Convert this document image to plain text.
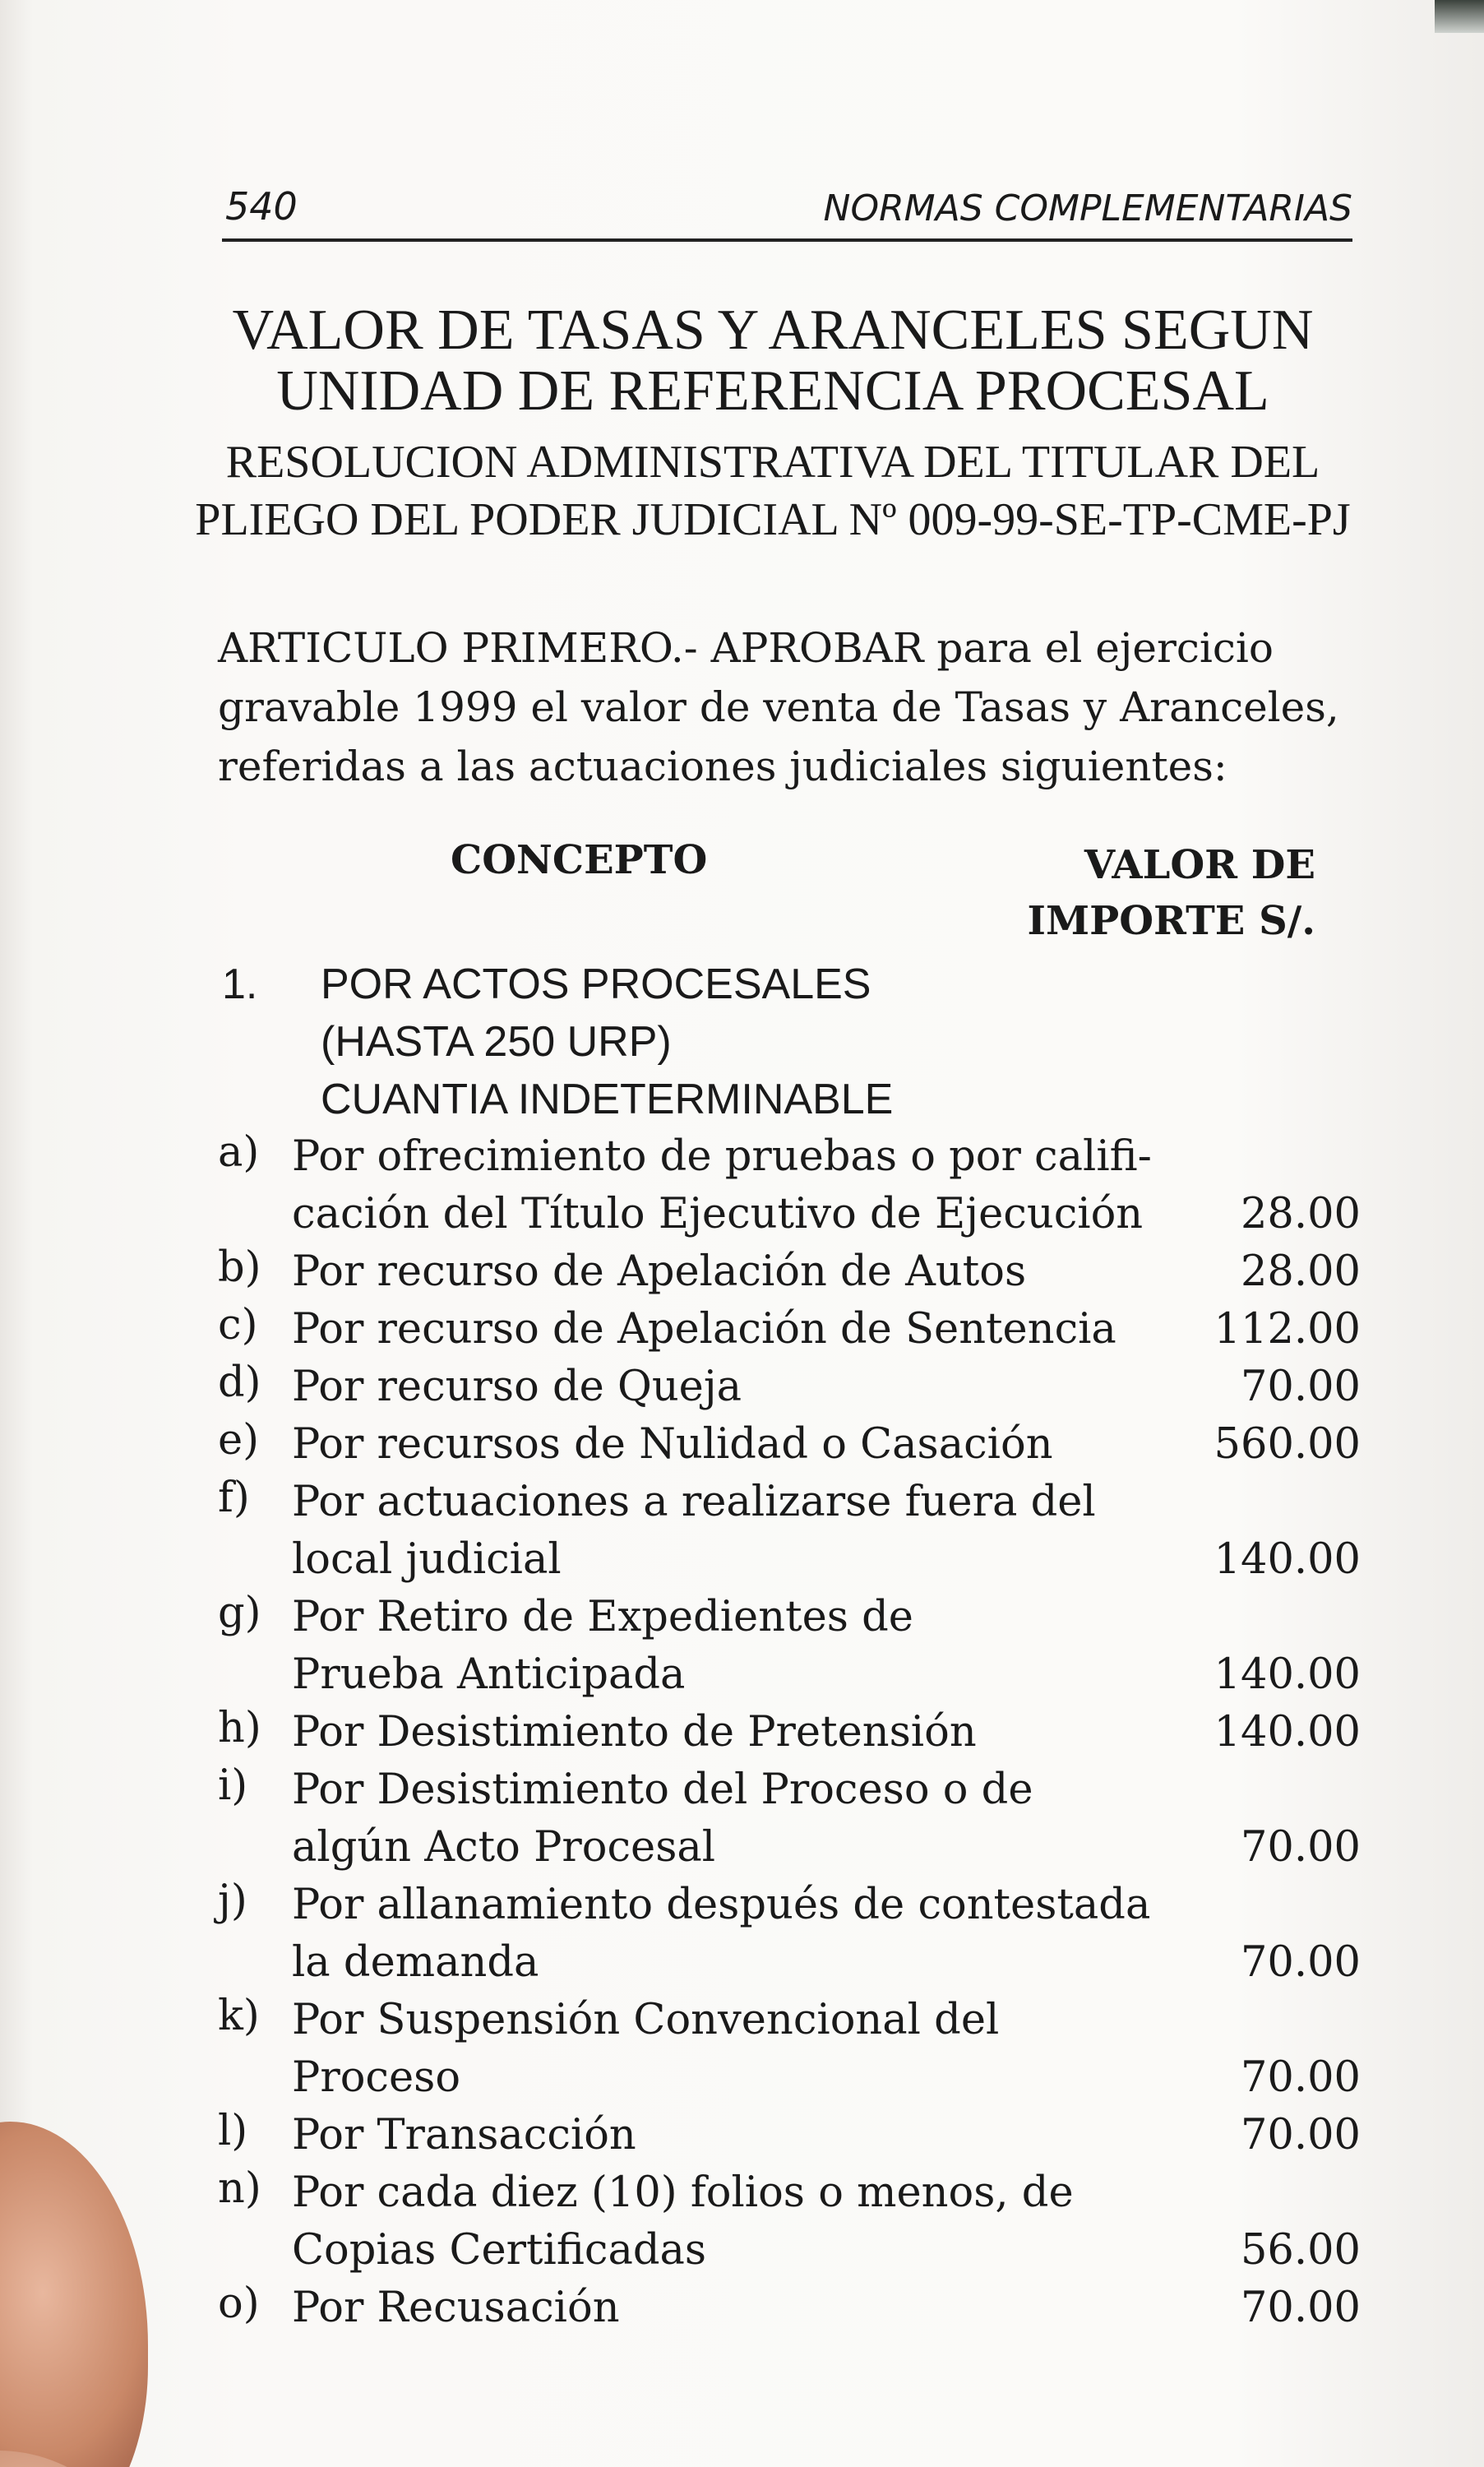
540	NORMAS COMPLEMENTARIAS
VALOR DE TASAS Y ARANCELES SEGUN
UNIDAD DE REFERENCIA PROCESAL
RESOLUCION ADMINISTRATIVA DEL TITULAR DEL
PLIEGO DEL PODER JUDICIAL Nº 009-99-SE-TP-CME-PJ
ARTICULO PRIMERO.- APROBAR para el ejercicio
gravable 1999 el valor de venta de Tasas y Aranceles,
referidas a las actuaciones judiciales siguientes:
CONCEPTO	VALOR DE
IMPORTE S/.
1. POR ACTOS PROCESALES
(HASTA 250 URP)
CUANTIA INDETERMINABLE
a) Por ofrecimiento de pruebas o por califi-
cación del Título Ejecutivo de Ejecución 28.00
b) Por recurso de Apelación de Autos	28.00
c) Por recurso de Apelación de Sentencia	112.00
d) Por recurso de Queja	70.00
e) Por recursos de Nulidad o Casación	560.00
f) Por actuaciones a realizarse fuera del
local judicial	140.00
g) Por Retiro de Expedientes de
Prueba Anticipada	140.00
h) Por Desistimiento de Pretensión	140.00
i) Por Desistimiento del Proceso o de
algún Acto Procesal	70.00
j) Por allanamiento después de contestada
la demanda	70.00
k) Por Suspensión Convencional del Proceso	70.00
l) Por Transacción	70.00
n) Por cada diez (10) folios o menos, de
Copias Certificadas	56.00
o) Por Recusación	70.00
